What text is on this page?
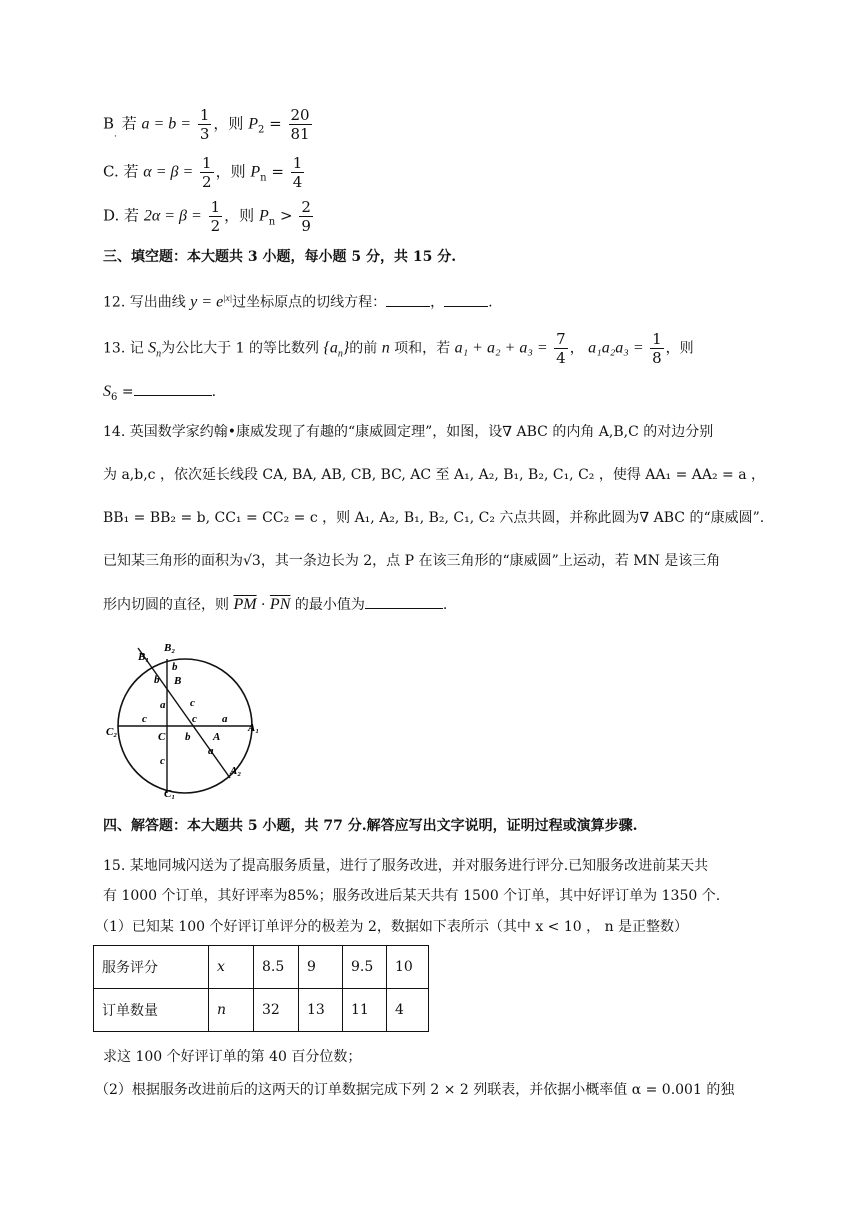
$B_.$ 若 $a = b = \frac{1}{3}$ ，则 $P_2 = \frac{20}{81}$
C. 若 $\alpha = \beta = \frac{1}{2}$ ，则 $P_n = \frac{1}{4}$
D. 若 $2\alpha = \beta = \frac{1}{2}$ ，则 $P_n > \frac{2}{9}$
三、填空题：本大题共 3 小题，每小题 5 分，共 15 分.
12. 写出曲线 $y = e^{|x|}$过坐标原点的切线方程：	，	.
13. 记 $S_n$为公比大于 1 的等比数列 $\{a_n\}$的前 n 项和，若 $a_1 + a_2 + a_3 = \frac{7}{4}$ ， $a_1a_2a_3 = \frac{1}{8}$ ，则
$S_6$ =	.
14. 英国数学家约翰•康威发现了有趣的“康威圆定理”，如图，设∇ ABC 的内角 A,B,C 的对边分别
为 a,b,c ，依次延长线段 CA, BA, AB, CB, BC, AC 至 A₁, A₂, B₁, B₂, C₁, C₂ ，使得 AA₁ = AA₂ = a ，
BB₁ = BB₂ = b, CC₁ = CC₂ = c ，则 A₁, A₂, B₁, B₂, C₁, C₂ 六点共圆，并称此圆为∇ ABC 的“康威圆”.
已知某三角形的面积为√3，其一条边长为 2，点 P 在该三角形的“康威圆”上运动，若 MN 是该三角
形内切圆的直径，则 $\overline{PM} \cdot \overline{PN}$ 的最小值为	.
B₂
B₁
b
b B
a c
c	c a
A₁
C₂	C b A
a
c
A₂
C₁
四、解答题：本大题共 5 小题，共 77 分.解答应写出文字说明，证明过程或演算步骤.
15. 某地同城闪送为了提高服务质量，进行了服务改进，并对服务进行评分.已知服务改进前某天共
有 1000 个订单，其好评率为85%；服务改进后某天共有 1500 个订单，其中好评订单为 1350 个.
（1）已知某 100 个好评订单评分的极差为 2，数据如下表所示（其中 x < 10 ， n 是正整数）
服务评分	x	8.5	9	9.5	10
订单数量	n	32	13	11	4
求这 100 个好评订单的第 40 百分位数；
（2）根据服务改进前后的这两天的订单数据完成下列 2 × 2 列联表，并依据小概率值 α = 0.001 的独
